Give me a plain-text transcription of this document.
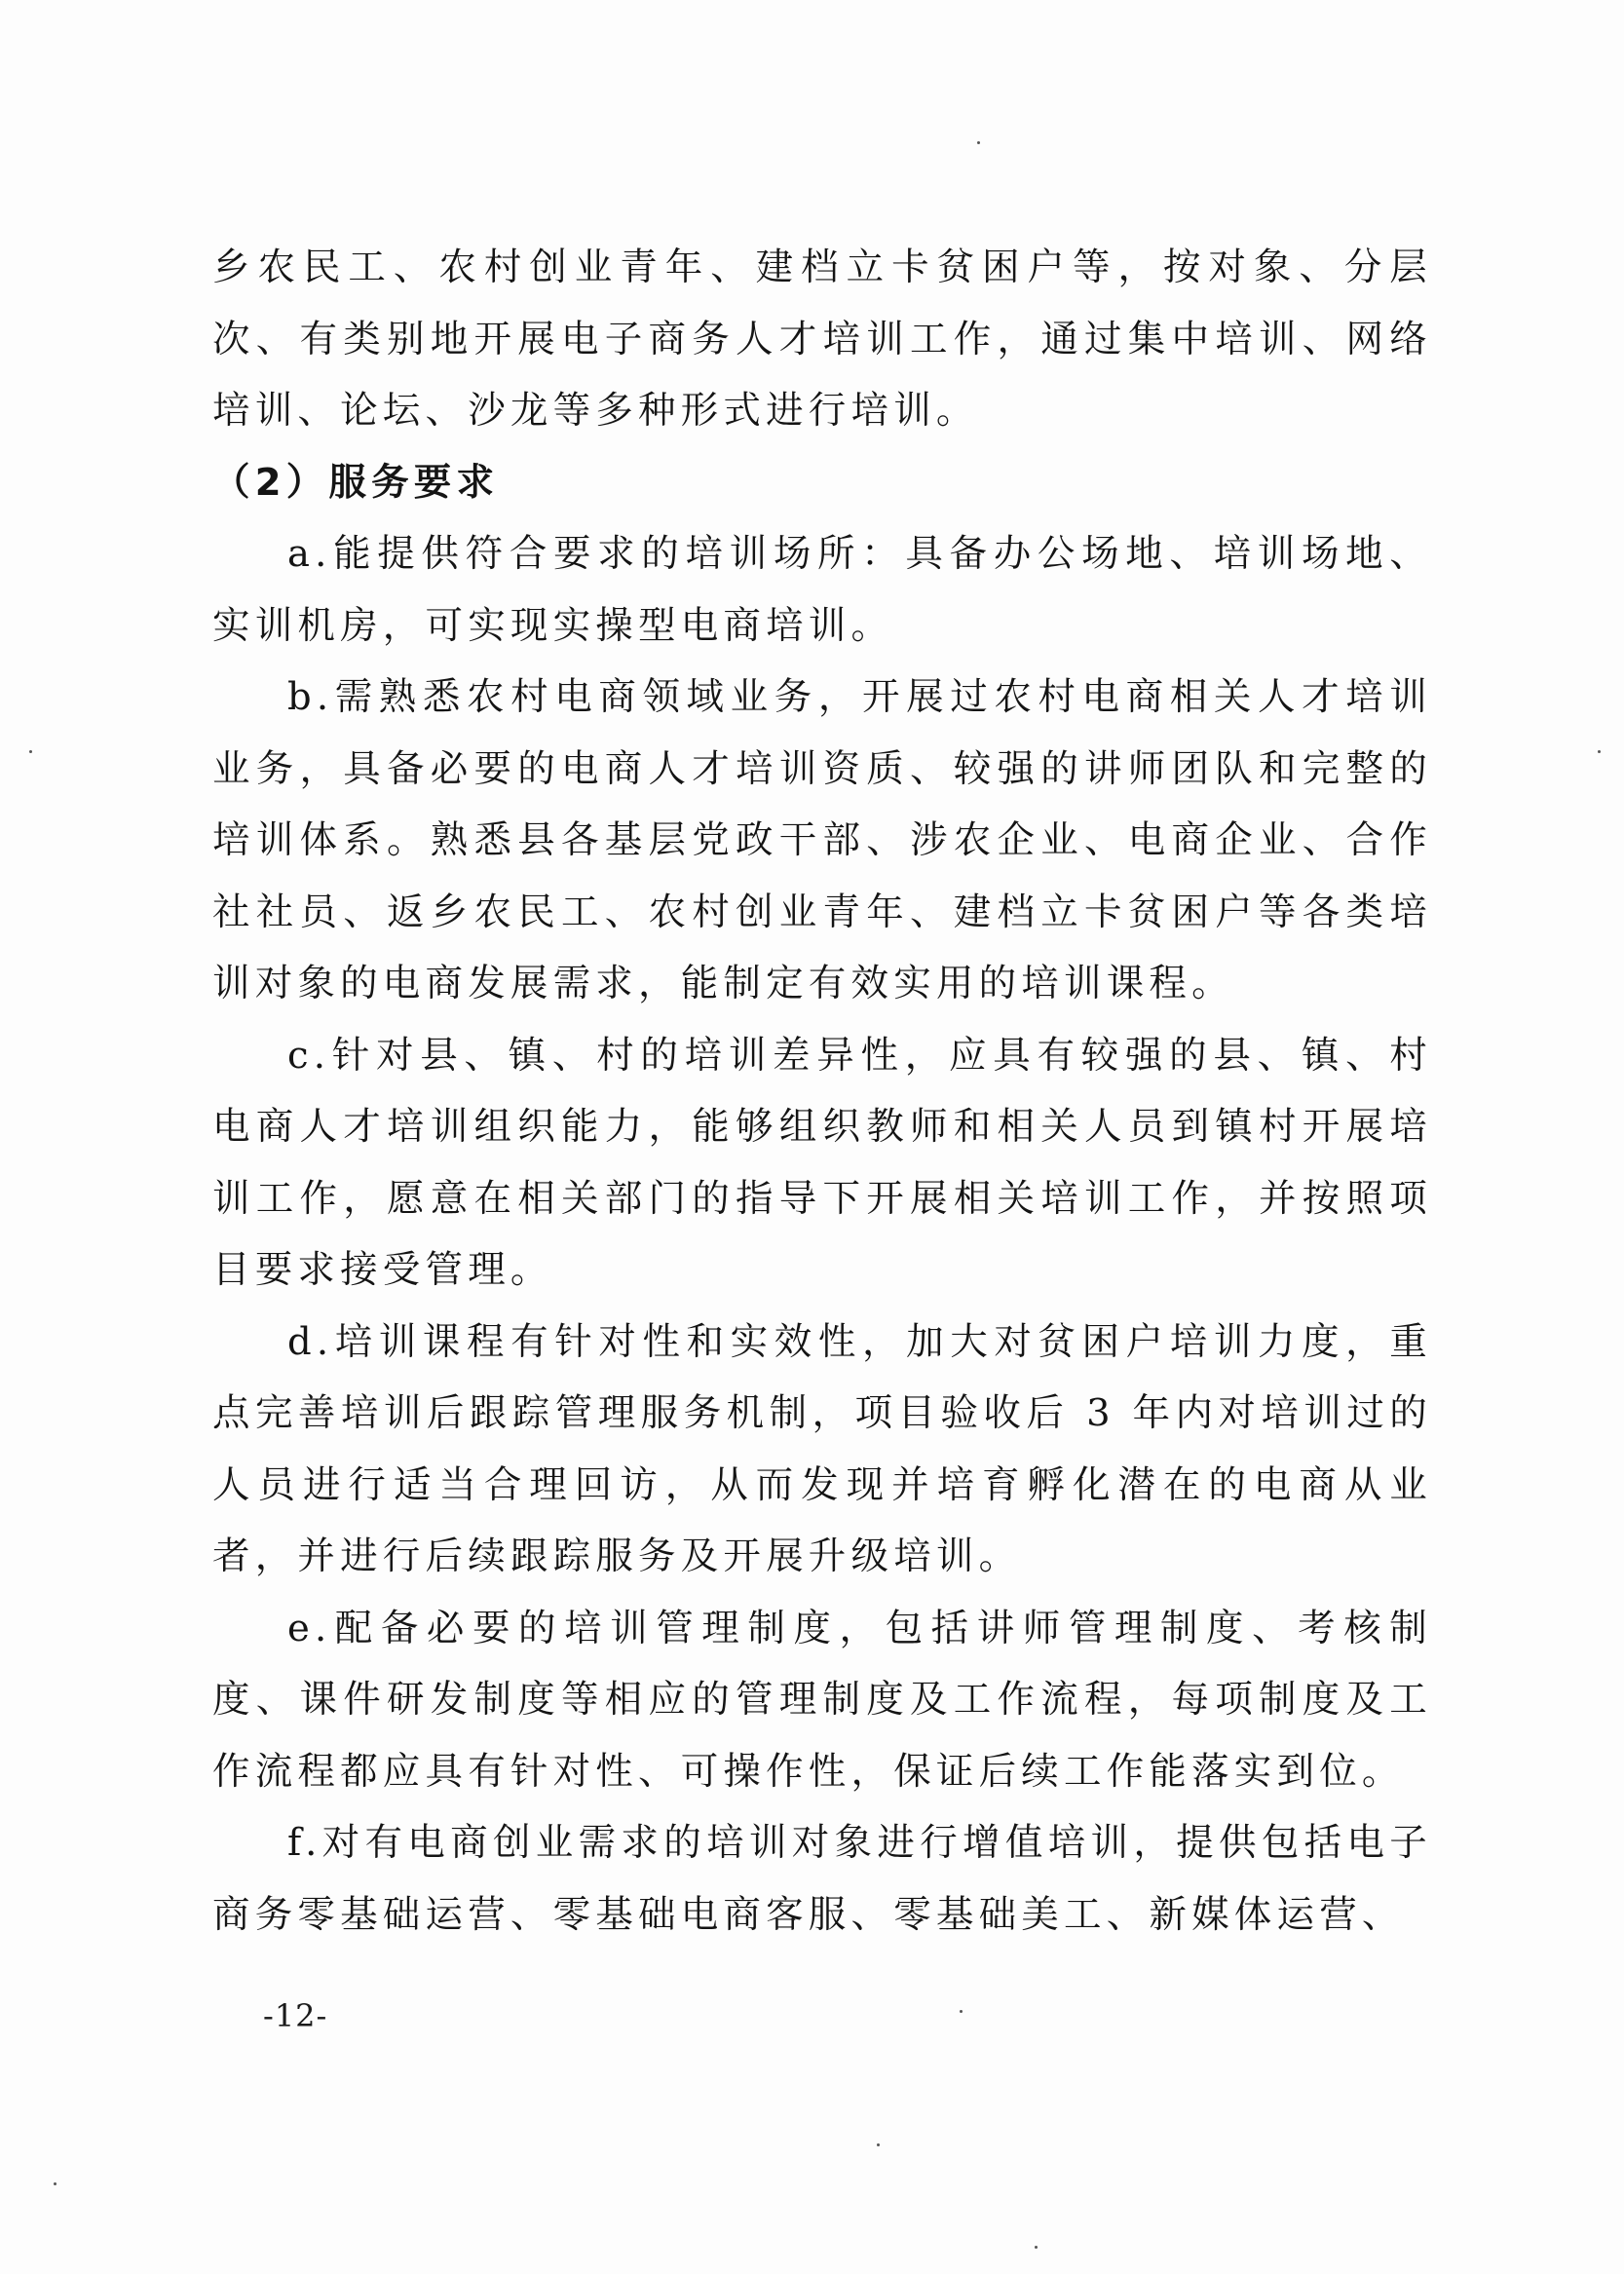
乡农民工、农村创业青年、建档立卡贫困户等，按对象、分层次、有类别地开展电子商务人才培训工作，通过集中培训、网络培训、论坛、沙龙等多种形式进行培训。

（2）服务要求

a.能提供符合要求的培训场所：具备办公场地、培训场地、实训机房，可实现实操型电商培训。

b.需熟悉农村电商领域业务，开展过农村电商相关人才培训业务，具备必要的电商人才培训资质、较强的讲师团队和完整的培训体系。熟悉县各基层党政干部、涉农企业、电商企业、合作社社员、返乡农民工、农村创业青年、建档立卡贫困户等各类培训对象的电商发展需求，能制定有效实用的培训课程。

c.针对县、镇、村的培训差异性，应具有较强的县、镇、村电商人才培训组织能力，能够组织教师和相关人员到镇村开展培训工作，愿意在相关部门的指导下开展相关培训工作，并按照项目要求接受管理。

d.培训课程有针对性和实效性，加大对贫困户培训力度，重点完善培训后跟踪管理服务机制，项目验收后 3 年内对培训过的人员进行适当合理回访，从而发现并培育孵化潜在的电商从业者，并进行后续跟踪服务及开展升级培训。

e.配备必要的培训管理制度，包括讲师管理制度、考核制度、课件研发制度等相应的管理制度及工作流程，每项制度及工作流程都应具有针对性、可操作性，保证后续工作能落实到位。

f.对有电商创业需求的培训对象进行增值培训，提供包括电子商务零基础运营、零基础电商客服、零基础美工、新媒体运营、

-12-
